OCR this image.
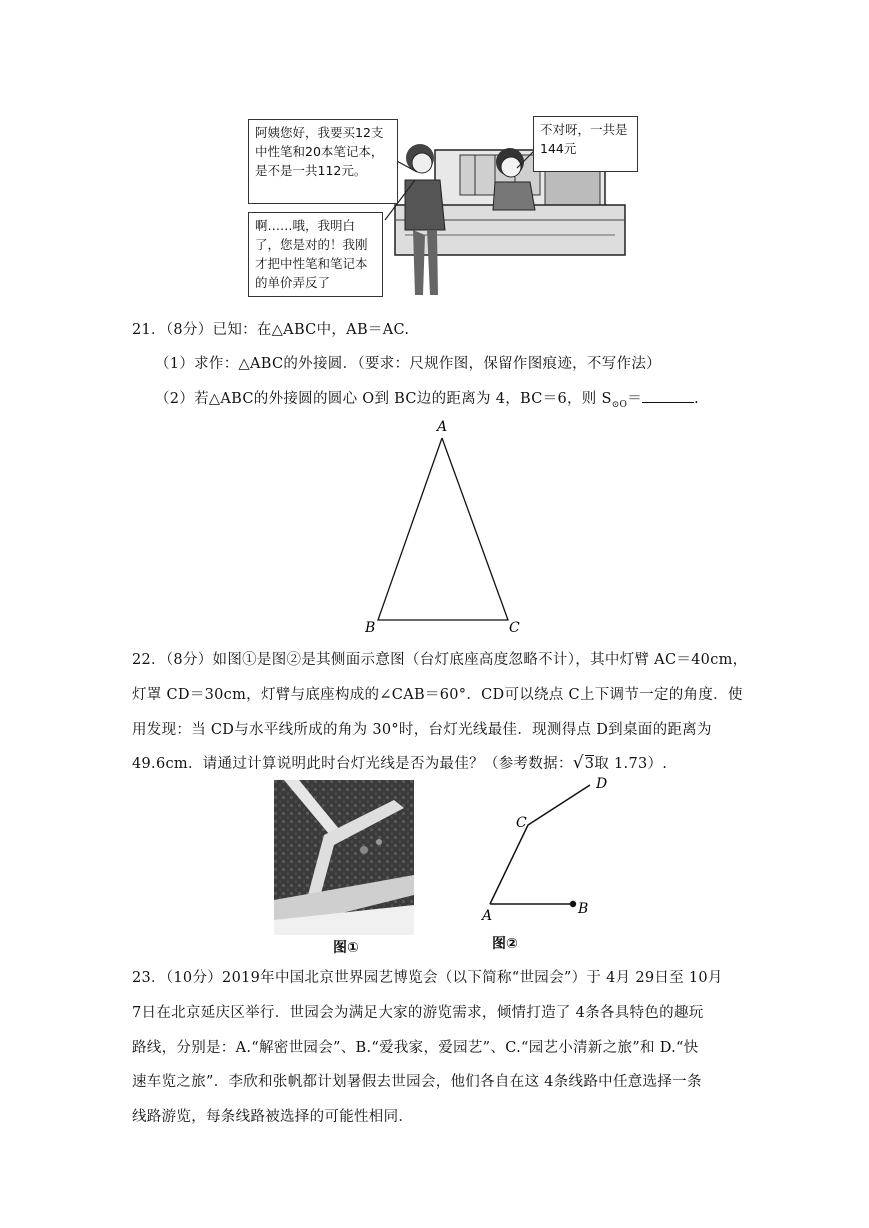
阿姨您好，我要买12支中性笔和20本笔记本，是不是一共112元。
不对呀，一共是144元
啊……哦，我明白了，您是对的！我刚才把中性笔和笔记本的单价弄反了
21．（8分）已知：在△ABC中，AB＝AC.
（1）求作：△ABC的外接圆．（要求：尺规作图，保留作图痕迹，不写作法）
（2）若△ABC的外接圆的圆心 O到 BC边的距离为 4，BC＝6，则 $S_{⊙O}=$	.
A
B	C
22．（8分）如图①是图②是其侧面示意图（台灯底座高度忽略不计），其中灯臂 AC＝40cm，
灯罩 CD＝30cm，灯臂与底座构成的∠CAB＝60°．CD可以绕点 C上下调节一定的角度．使
用发现：当 CD与水平线所成的角为 30°时，台灯光线最佳．现测得点 D到桌面的距离为
49.6cm．请通过计算说明此时台灯光线是否为最佳？（参考数据：√ 3取 1.73）.
图①
A	B
C
D
图②
23．（10分）2019年中国北京世界园艺博览会（以下简称“世园会”）于 4月 29日至 10月
7日在北京延庆区举行．世园会为满足大家的游览需求，倾情打造了 4条各具特色的趣玩
路线，分别是：A.“解密世园会”、B.“爱我家，爱园艺”、C.“园艺小清新之旅”和 D.“快
速车览之旅”．李欣和张帆都计划暑假去世园会，他们各自在这 4条线路中任意选择一条
线路游览，每条线路被选择的可能性相同．
